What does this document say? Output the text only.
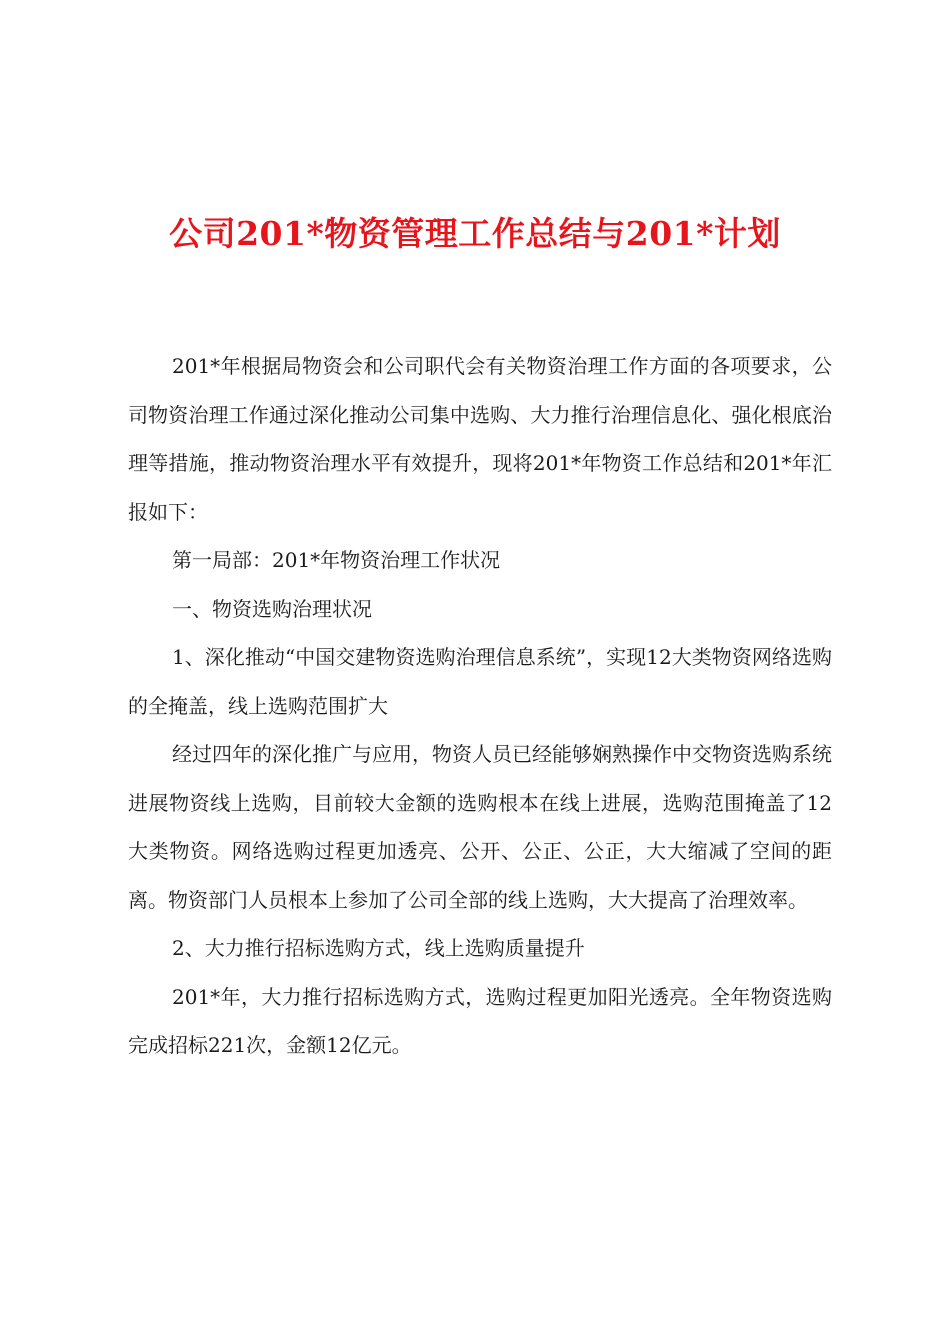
公司201*物资管理工作总结与201*计划

201*年根据局物资会和公司职代会有关物资治理工作方面的各项要求，公司物资治理工作通过深化推动公司集中选购、大力推行治理信息化、强化根底治理等措施，推动物资治理水平有效提升，现将201*年物资工作总结和201*年汇报如下：

第一局部：201*年物资治理工作状况

一、物资选购治理状况

1、深化推动“中国交建物资选购治理信息系统”，实现12大类物资网络选购的全掩盖，线上选购范围扩大

经过四年的深化推广与应用，物资人员已经能够娴熟操作中交物资选购系统进展物资线上选购，目前较大金额的选购根本在线上进展，选购范围掩盖了12大类物资。网络选购过程更加透亮、公开、公正、公正，大大缩减了空间的距离。物资部门人员根本上参加了公司全部的线上选购，大大提高了治理效率。

2、大力推行招标选购方式，线上选购质量提升

201*年，大力推行招标选购方式，选购过程更加阳光透亮。全年物资选购完成招标221次，金额12亿元。
